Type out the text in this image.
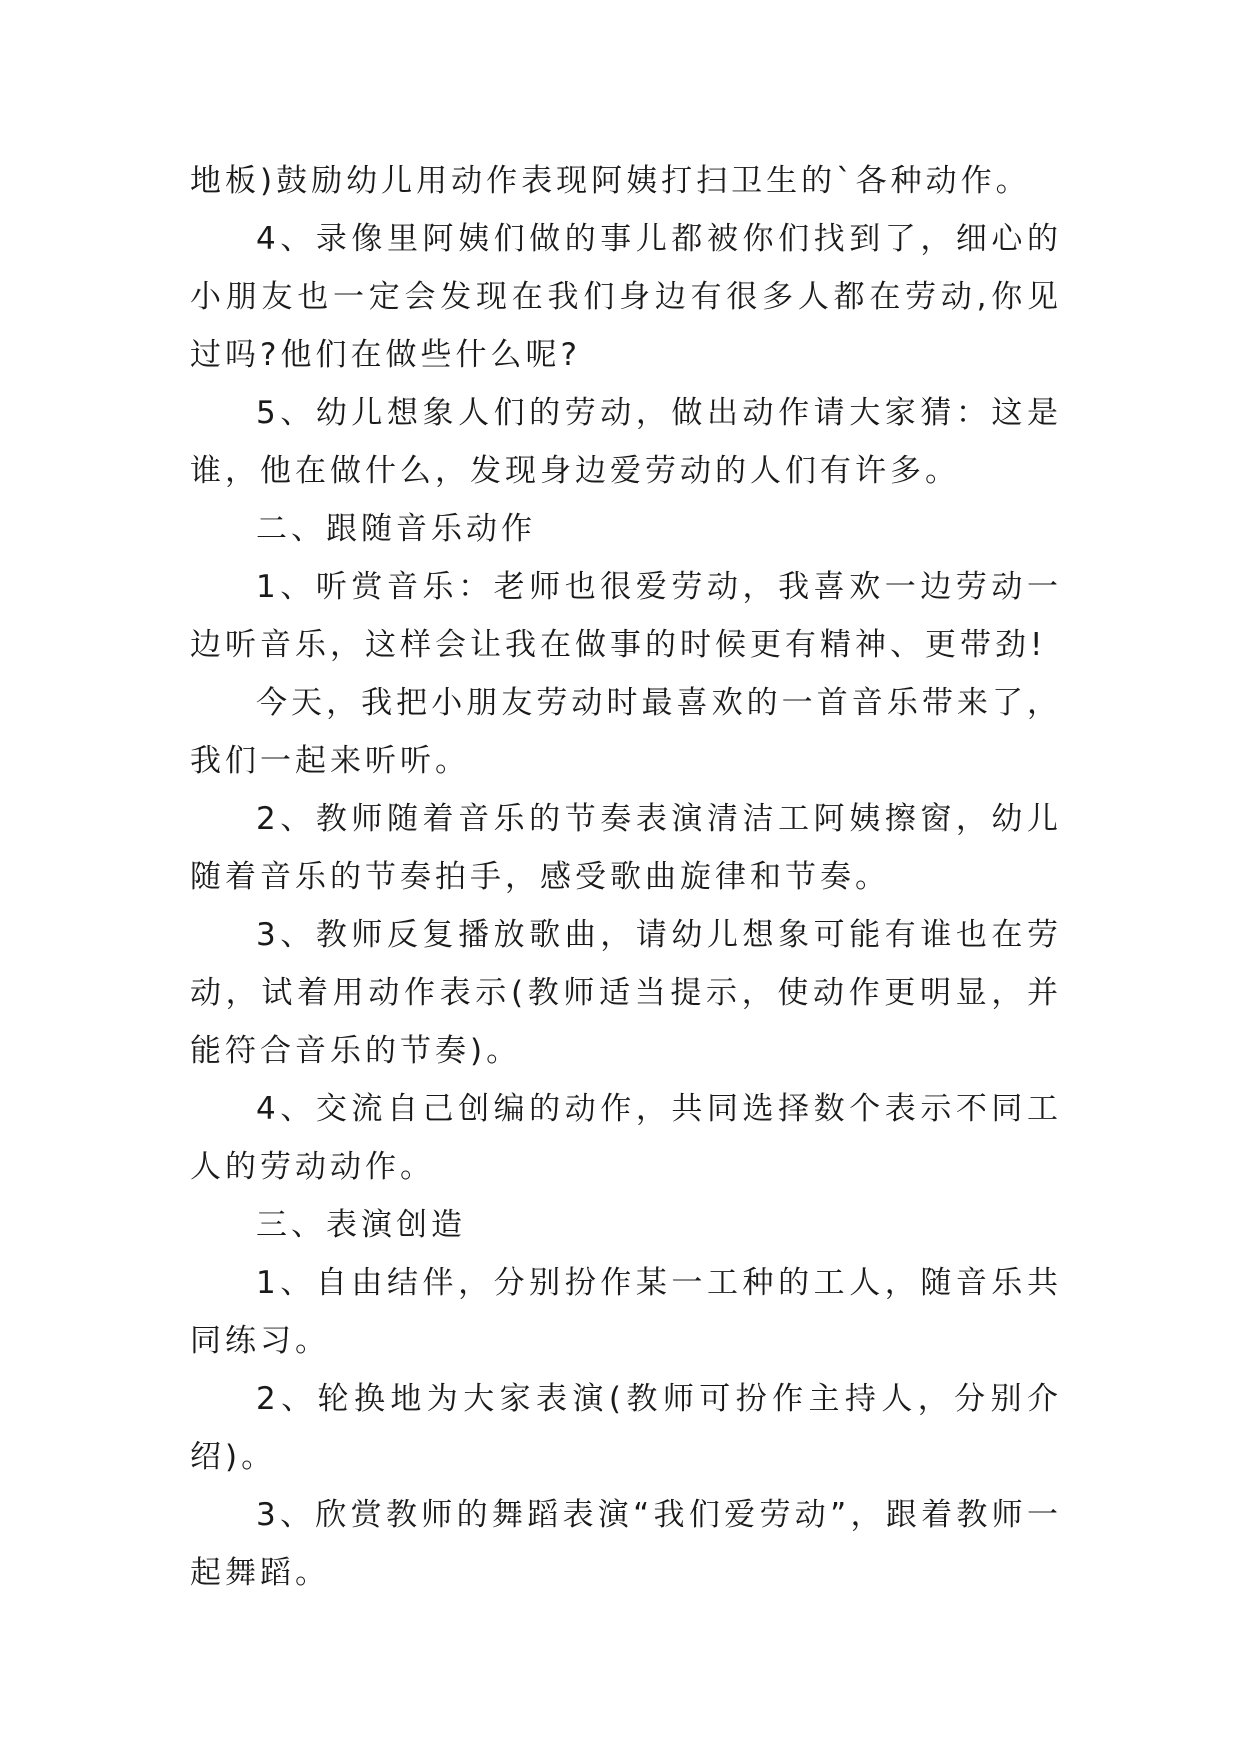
地板)鼓励幼儿用动作表现阿姨打扫卫生的`各种动作。

4、录像里阿姨们做的事儿都被你们找到了，细心的小朋友也一定会发现在我们身边有很多人都在劳动,你见过吗?他们在做些什么呢?

5、幼儿想象人们的劳动，做出动作请大家猜：这是谁，他在做什么，发现身边爱劳动的人们有许多。

二、跟随音乐动作

1、听赏音乐：老师也很爱劳动，我喜欢一边劳动一边听音乐，这样会让我在做事的时候更有精神、更带劲!

今天，我把小朋友劳动时最喜欢的一首音乐带来了，我们一起来听听。

2、教师随着音乐的节奏表演清洁工阿姨擦窗，幼儿随着音乐的节奏拍手，感受歌曲旋律和节奏。

3、教师反复播放歌曲，请幼儿想象可能有谁也在劳动，试着用动作表示(教师适当提示，使动作更明显，并能符合音乐的节奏)。

4、交流自己创编的动作，共同选择数个表示不同工人的劳动动作。

三、表演创造

1、自由结伴，分别扮作某一工种的工人，随音乐共同练习。

2、轮换地为大家表演(教师可扮作主持人，分别介绍)。

3、欣赏教师的舞蹈表演“我们爱劳动”，跟着教师一起舞蹈。
